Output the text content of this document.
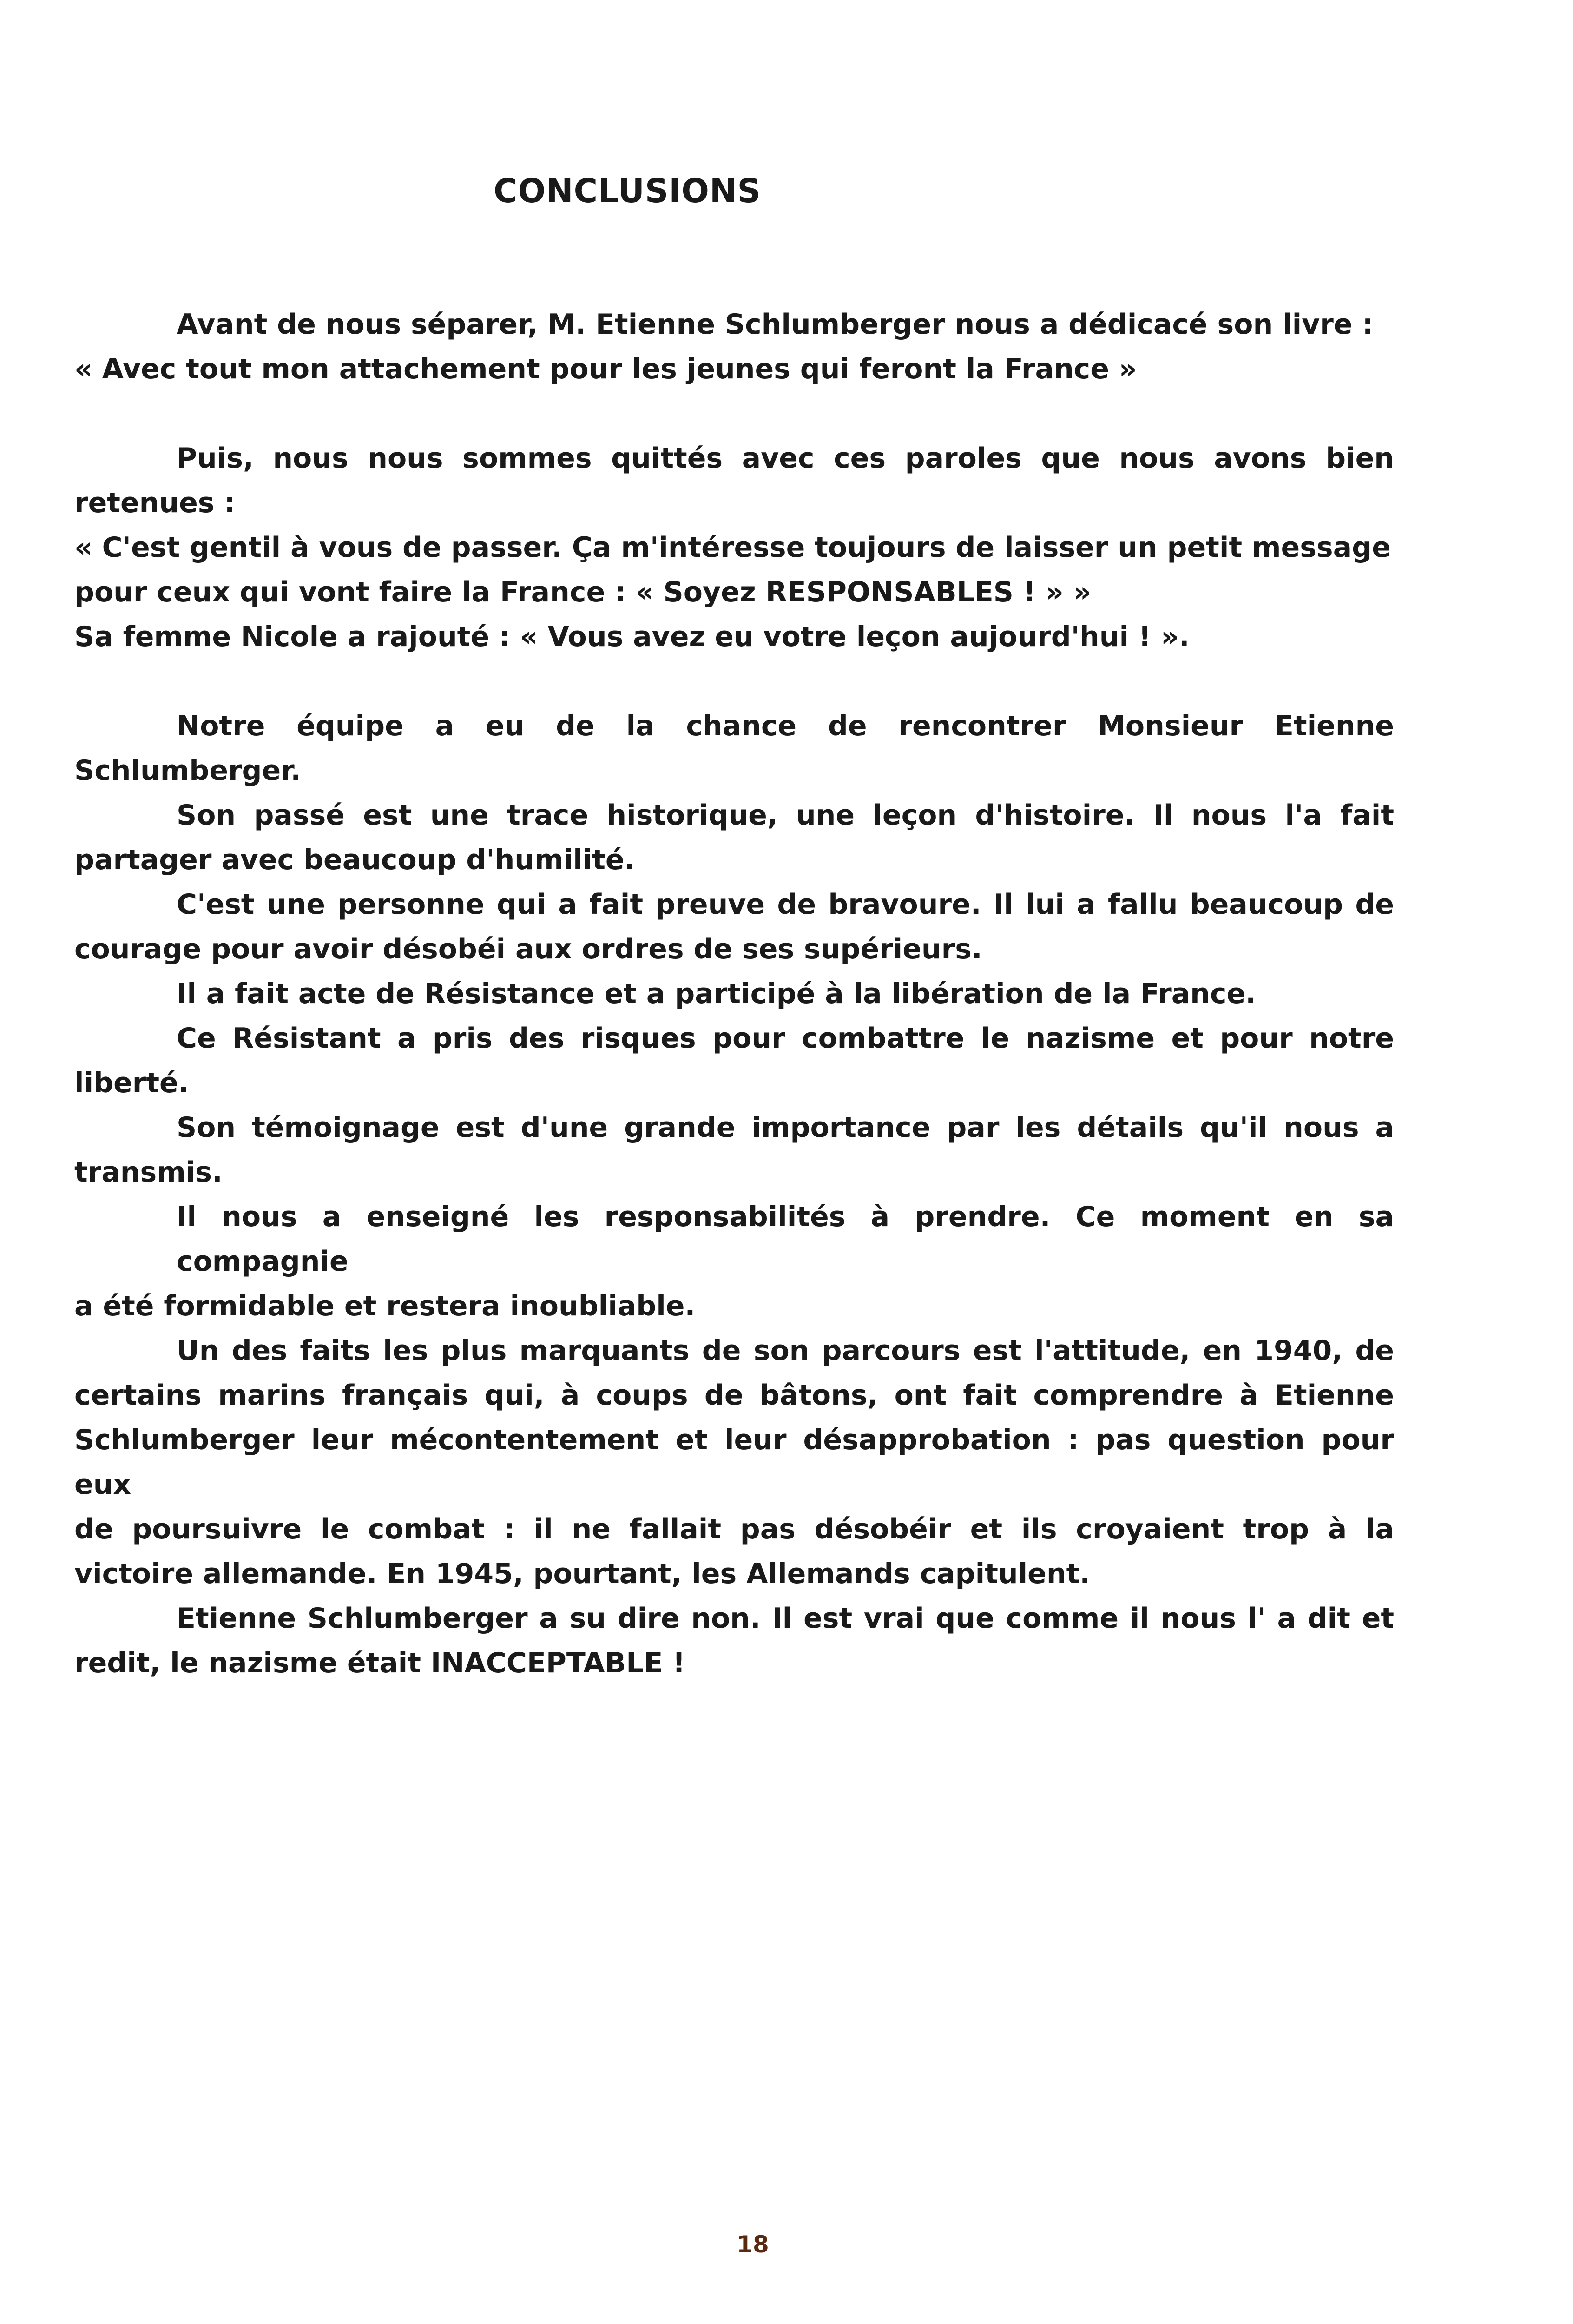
CONCLUSIONS
Avant de nous séparer, M. Etienne Schlumberger nous a dédicacé son livre :
« Avec tout mon attachement pour les jeunes qui feront la France »
Puis, nous nous sommes quittés avec ces paroles que nous avons bien
retenues :
« C'est gentil à vous de passer. Ça m'intéresse toujours de laisser un petit message
pour ceux qui vont faire la France : « Soyez RESPONSABLES ! » »
Sa femme Nicole a rajouté : « Vous avez eu votre leçon aujourd'hui ! ».
Notre équipe a eu de la chance de rencontrer Monsieur Etienne
Schlumberger.
Son passé est une trace historique, une leçon d'histoire. Il nous l'a fait
partager avec beaucoup d'humilité.
C'est une personne qui a fait preuve de bravoure. Il lui a fallu beaucoup de
courage pour avoir désobéi aux ordres de ses supérieurs.
Il a fait acte de Résistance et a participé à la libération de la France.
Ce Résistant a pris des risques pour combattre le nazisme et pour notre
liberté.
Son témoignage est d'une grande importance par les détails qu'il nous a
transmis.
Il nous a enseigné les responsabilités à prendre. Ce moment en sa compagnie
a été formidable et restera inoubliable.
Un des faits les plus marquants de son parcours est l'attitude, en 1940, de
certains marins français qui, à coups de bâtons, ont fait comprendre à Etienne
Schlumberger leur mécontentement et leur désapprobation : pas question pour eux
de poursuivre le combat : il ne fallait pas désobéir et ils croyaient trop à la
victoire allemande. En 1945, pourtant, les Allemands capitulent.
Etienne Schlumberger a su dire non. Il est vrai que comme il nous l' a dit et
redit, le nazisme était INACCEPTABLE !
18
